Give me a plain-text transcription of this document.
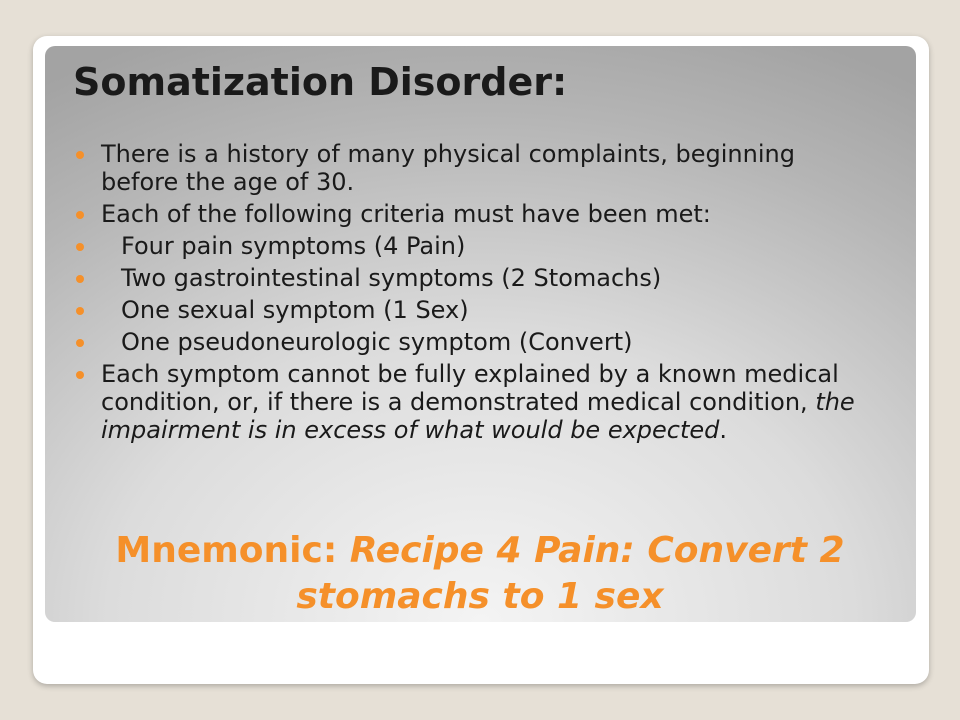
Somatization Disorder:
There is a history of many physical complaints, beginning before the age of 30.
Each of the following criteria must have been met:
Four pain symptoms (4 Pain)
Two gastrointestinal symptoms (2 Stomachs)
One sexual symptom (1 Sex)
One pseudoneurologic symptom (Convert)
Each symptom cannot be fully explained by a known medical condition, or, if there is a demonstrated medical condition, the impairment is in excess of what would be expected.

Mnemonic: Recipe 4 Pain: Convert 2 stomachs to 1 sex
